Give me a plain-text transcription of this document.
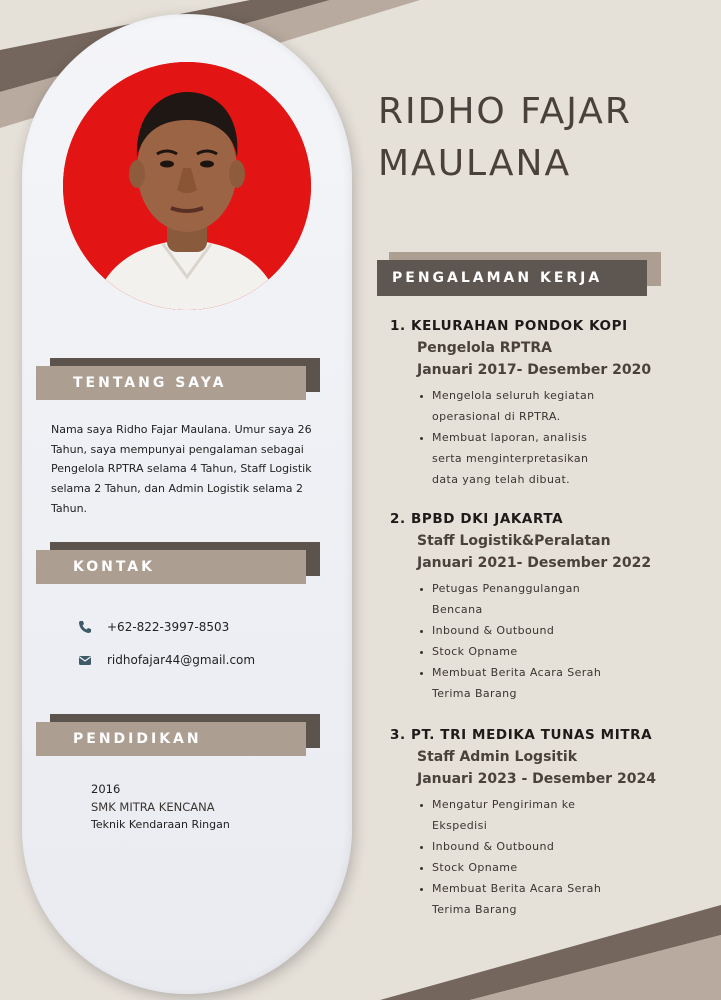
TENTANG SAYA
Nama saya Ridho Fajar Maulana. Umur saya 26 Tahun, saya mempunyai pengalaman sebagai Pengelola RPTRA selama 4 Tahun, Staff Logistik selama 2 Tahun, dan Admin Logistik selama 2 Tahun.
KONTAK
+62-822-3997-8503
ridhofajar44@gmail.com
PENDIDIKAN
2016
SMK MITRA KENCANA
Teknik Kendaraan Ringan
RIDHO FAJAR
MAULANA
PENGALAMAN KERJA
1. KELURAHAN PONDOK KOPI
Pengelola RPTRA
Januari 2017- Desember 2020
• Mengelola seluruh kegiatan operasional di RPTRA.
• Membuat laporan, analisis serta menginterpretasikan data yang telah dibuat.
2. BPBD DKI JAKARTA
Staff Logistik&Peralatan
Januari 2021- Desember 2022
• Petugas Penanggulangan Bencana
• Inbound & Outbound
• Stock Opname
• Membuat Berita Acara Serah Terima Barang
3. PT. TRI MEDIKA TUNAS MITRA
Staff Admin Logsitik
Januari 2023 - Desember 2024
• Mengatur Pengiriman ke Ekspedisi
• Inbound & Outbound
• Stock Opname
• Membuat Berita Acara Serah Terima Barang
